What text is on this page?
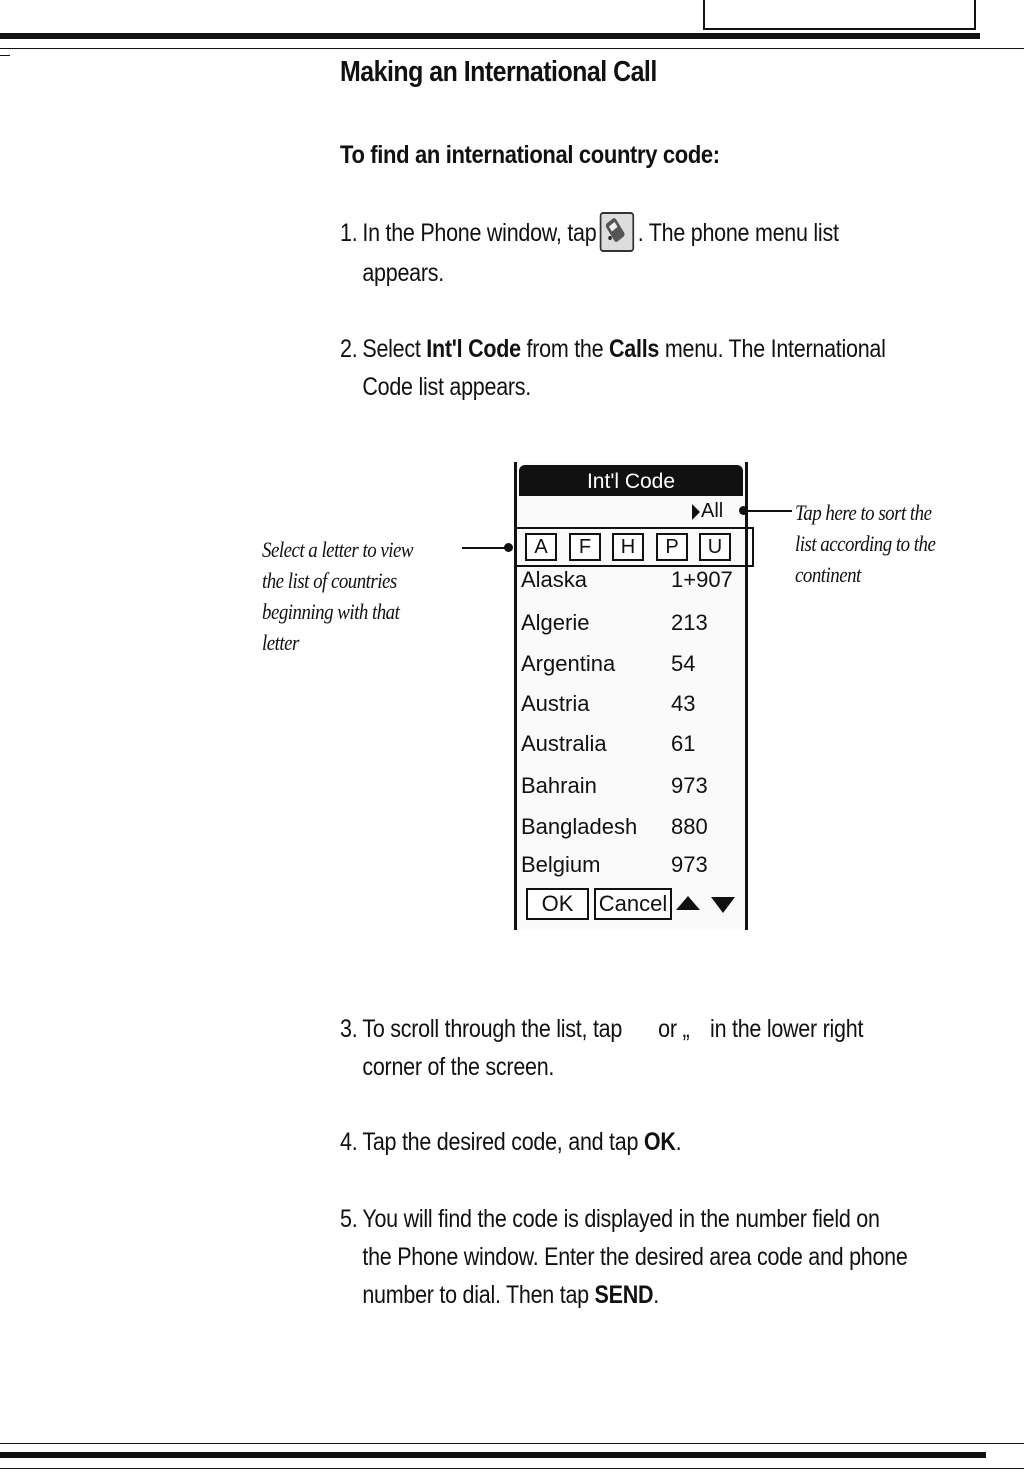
Making an International Call
To find an international country code:
1. In the Phone window, tap . The phone menu list
appears.
2. Select Int'l Code from the Calls menu. The International
Code list appears.
Int'l Code
All
A	F	H	P	U
Alaska	1+907
Algerie	213
Argentina	54
Austria	43
Australia	61
Bahrain	973
Bangladesh 880
Belgium	973
OK	Cancel
Select a letter to view
the list of countries
beginning with that
letter
Tap here to sort the
list according to the
continent
3. To scroll through the list, tap or „ in the lower right
corner of the screen.
4. Tap the desired code, and tap OK.
5. You will find the code is displayed in the number field on
the Phone window. Enter the desired area code and phone
number to dial. Then tap SEND.
